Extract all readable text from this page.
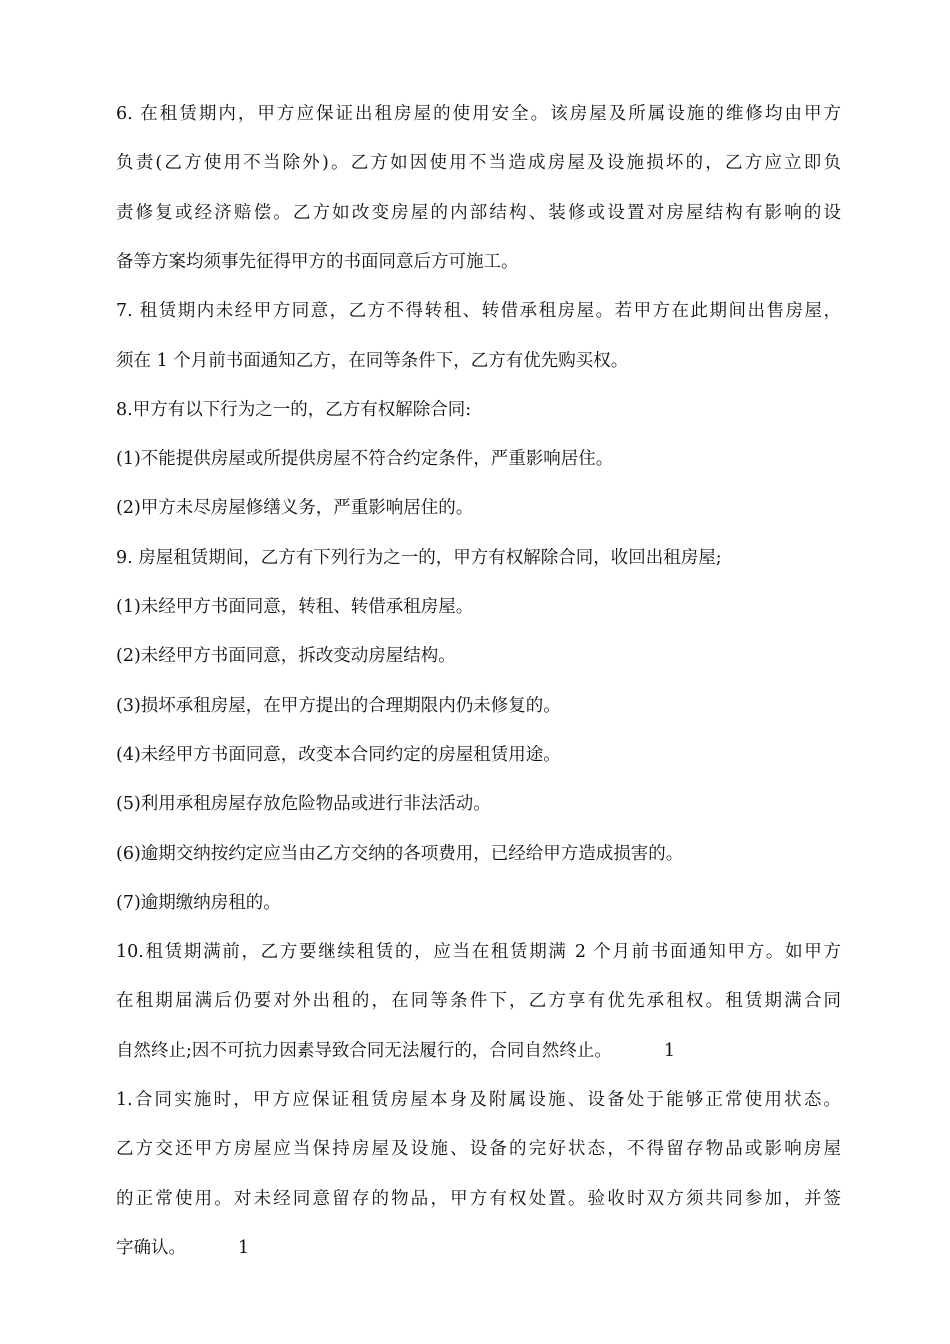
6. 在租赁期内，甲方应保证出租房屋的使用安全。该房屋及所属设施的维修均由甲方
负责(乙方使用不当除外)。乙方如因使用不当造成房屋及设施损坏的，乙方应立即负
责修复或经济赔偿。乙方如改变房屋的内部结构、装修或设置对房屋结构有影响的设
备等方案均须事先征得甲方的书面同意后方可施工。
7. 租赁期内未经甲方同意，乙方不得转租、转借承租房屋。若甲方在此期间出售房屋，
须在 1 个月前书面通知乙方，在同等条件下，乙方有优先购买权。
8.甲方有以下行为之一的，乙方有权解除合同:
(1)不能提供房屋或所提供房屋不符合约定条件，严重影响居住。
(2)甲方未尽房屋修缮义务，严重影响居住的。
9. 房屋租赁期间，乙方有下列行为之一的，甲方有权解除合同，收回出租房屋;
(1)未经甲方书面同意，转租、转借承租房屋。
(2)未经甲方书面同意，拆改变动房屋结构。
(3)损坏承租房屋，在甲方提出的合理期限内仍未修复的。
(4)未经甲方书面同意，改变本合同约定的房屋租赁用途。
(5)利用承租房屋存放危险物品或进行非法活动。
(6)逾期交纳按约定应当由乙方交纳的各项费用，已经给甲方造成损害的。
(7)逾期缴纳房租的。
10.租赁期满前，乙方要继续租赁的，应当在租赁期满 2 个月前书面通知甲方。如甲方
在租期届满后仍要对外出租的，在同等条件下，乙方享有优先承租权。租赁期满合同
自然终止;因不可抗力因素导致合同无法履行的，合同自然终止。	1
1.合同实施时，甲方应保证租赁房屋本身及附属设施、设备处于能够正常使用状态。
乙方交还甲方房屋应当保持房屋及设施、设备的完好状态，不得留存物品或影响房屋
的正常使用。对未经同意留存的物品，甲方有权处置。验收时双方须共同参加，并签
字确认。	1
